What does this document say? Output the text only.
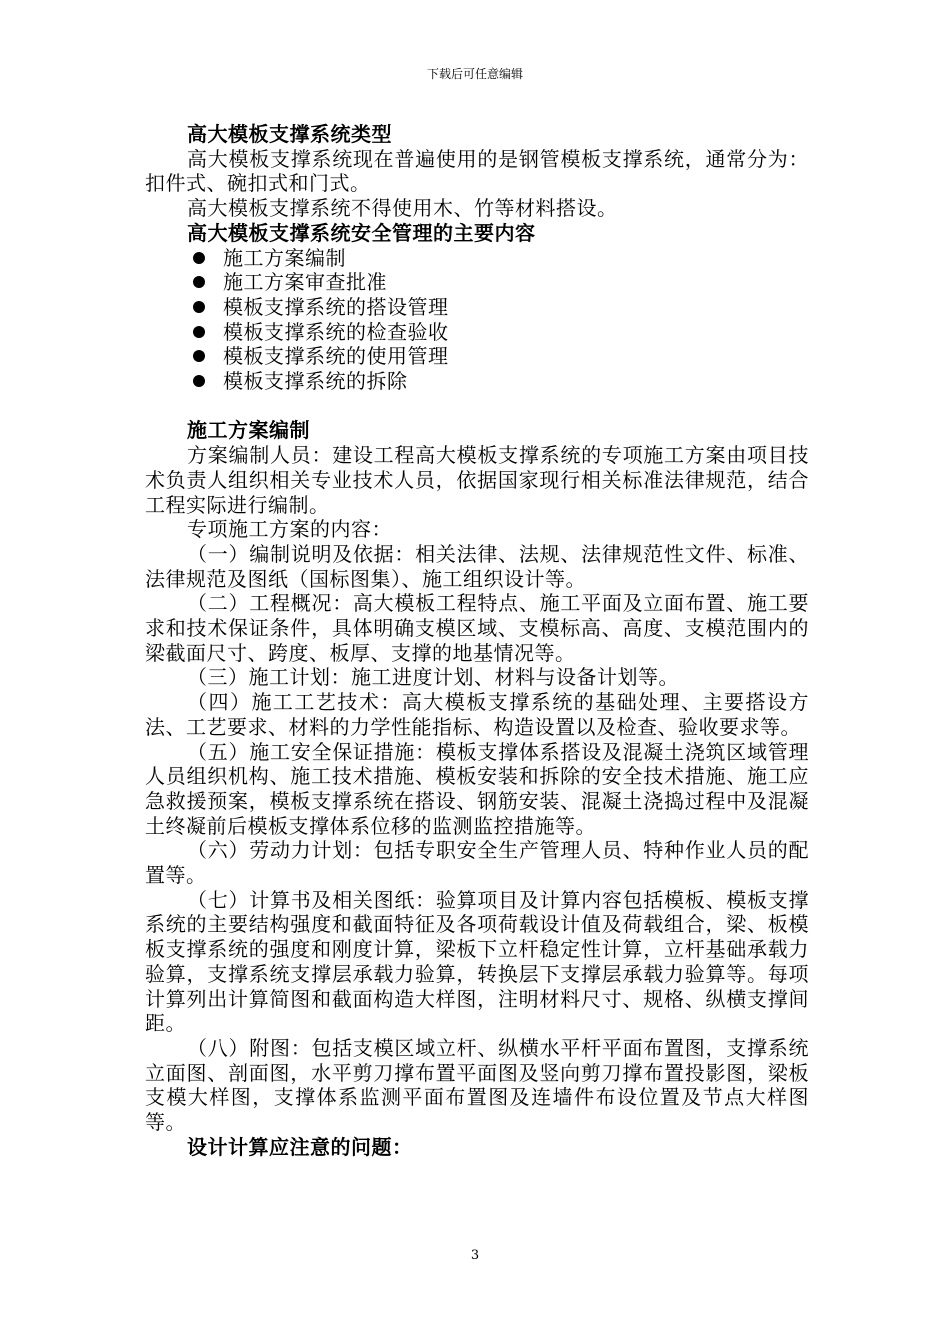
下载后可任意编辑

高大模板支撑系统类型

高大模板支撑系统现在普遍使用的是钢管模板支撑系统，通常分为：扣件式、碗扣式和门式。

高大模板支撑系统不得使用木、竹等材料搭设。

高大模板支撑系统安全管理的主要内容

施工方案编制
施工方案审查批准
模板支撑系统的搭设管理
模板支撑系统的检查验收
模板支撑系统的使用管理
模板支撑系统的拆除

施工方案编制

方案编制人员：建设工程高大模板支撑系统的专项施工方案由项目技术负责人组织相关专业技术人员，依据国家现行相关标准法律规范，结合工程实际进行编制。

专项施工方案的内容：

（一）编制说明及依据：相关法律、法规、法律规范性文件、标准、法律规范及图纸（国标图集）、施工组织设计等。

（二）工程概况：高大模板工程特点、施工平面及立面布置、施工要求和技术保证条件，具体明确支模区域、支模标高、高度、支模范围内的梁截面尺寸、跨度、板厚、支撑的地基情况等。

（三）施工计划：施工进度计划、材料与设备计划等。

（四）施工工艺技术：高大模板支撑系统的基础处理、主要搭设方法、工艺要求、材料的力学性能指标、构造设置以及检查、验收要求等。

（五）施工安全保证措施：模板支撑体系搭设及混凝土浇筑区域管理人员组织机构、施工技术措施、模板安装和拆除的安全技术措施、施工应急救援预案，模板支撑系统在搭设、钢筋安装、混凝土浇捣过程中及混凝土终凝前后模板支撑体系位移的监测监控措施等。

（六）劳动力计划：包括专职安全生产管理人员、特种作业人员的配置等。

（七）计算书及相关图纸：验算项目及计算内容包括模板、模板支撑系统的主要结构强度和截面特征及各项荷载设计值及荷载组合，梁、板模板支撑系统的强度和刚度计算，梁板下立杆稳定性计算，立杆基础承载力验算，支撑系统支撑层承载力验算，转换层下支撑层承载力验算等。每项计算列出计算简图和截面构造大样图，注明材料尺寸、规格、纵横支撑间距。

（八）附图：包括支模区域立杆、纵横水平杆平面布置图，支撑系统立面图、剖面图，水平剪刀撑布置平面图及竖向剪刀撑布置投影图，梁板支模大样图，支撑体系监测平面布置图及连墙件布设位置及节点大样图等。

设计计算应注意的问题：

3
